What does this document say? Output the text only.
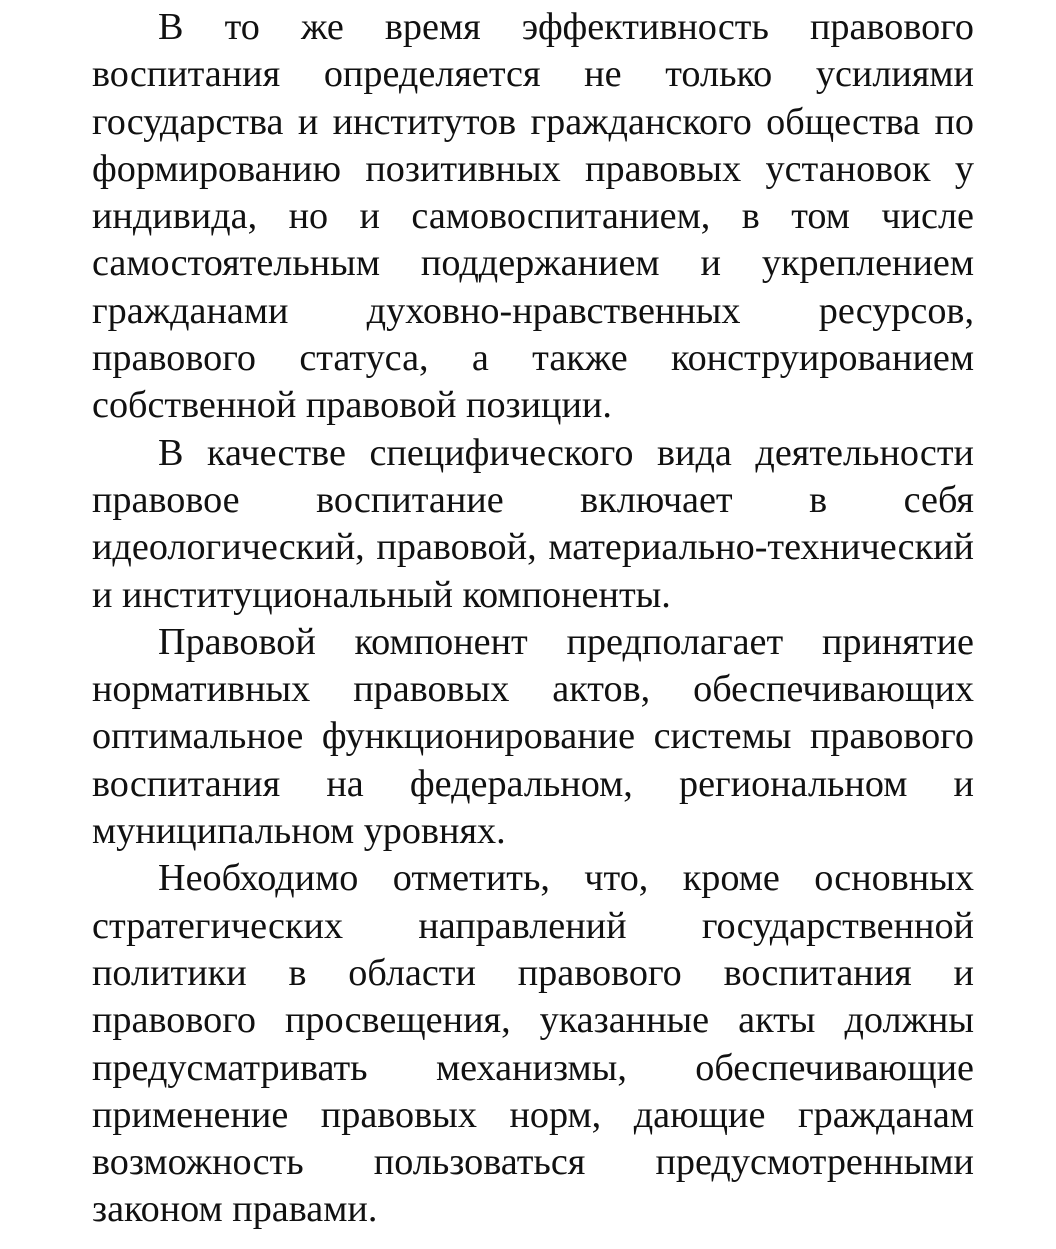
В то же время эффективность правового воспитания определяется не только усилиями государства и институтов гражданского общества по формированию позитивных правовых установок у индивида, но и самовоспитанием, в том числе самостоятельным поддержанием и укреплением гражданами духовно-нравственных ресурсов, правового статуса, а также конструированием собственной правовой позиции.

В качестве специфического вида деятельности правовое воспитание включает в себя идеологический, правовой, материально-технический и институциональный компоненты.

Правовой компонент предполагает принятие нормативных правовых актов, обеспечивающих оптимальное функционирование системы правового воспитания на федеральном, региональном и муниципальном уровнях.

Необходимо отметить, что, кроме основных стратегических направлений государственной политики в области правового воспитания и правового просвещения, указанные акты должны предусматривать механизмы, обеспечивающие применение правовых норм, дающие гражданам возможность пользоваться предусмотренными законом правами.
